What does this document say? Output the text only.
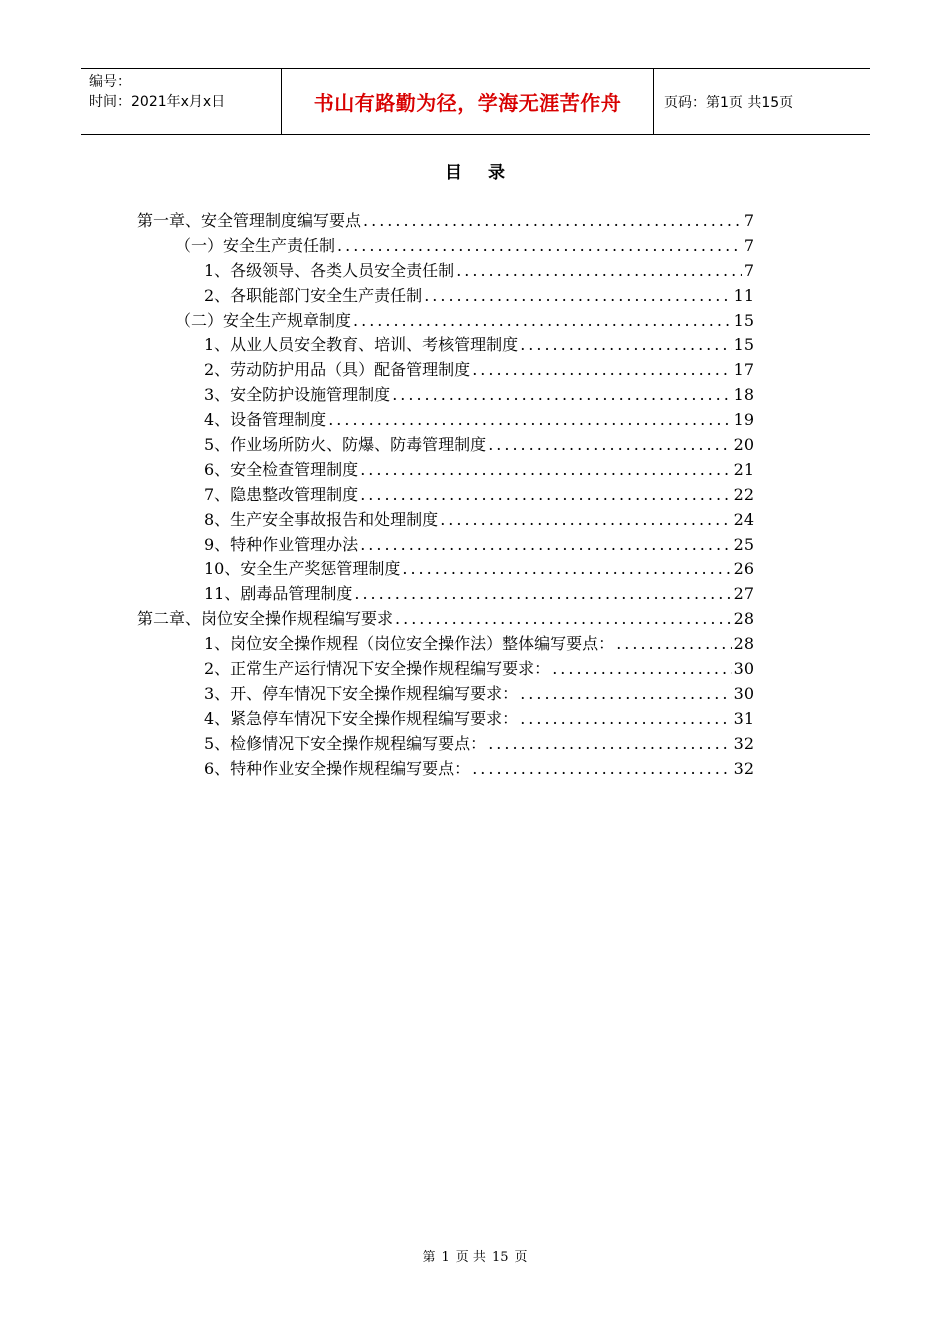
编号：
时间：2021年x月x日	书山有路勤为径，学海无涯苦作舟	页码：第1页 共15页
目录
第一章、安全管理制度编写要点 .....	7
（一）安全生产责任制 .....	7
1、各级领导、各类人员安全责任制 .....	7
2、各职能部门安全生产责任制 .....	11
（二）安全生产规章制度 .....	15
1、从业人员安全教育、培训、考核管理制度 .....	15
2、劳动防护用品（具）配备管理制度 .....	17
3、安全防护设施管理制度 .....	18
4、设备管理制度 .....	19
5、作业场所防火、防爆、防毒管理制度 .....	20
6、安全检查管理制度 .....	21
7、隐患整改管理制度 .....	22
8、生产安全事故报告和处理制度 .....	24
9、特种作业管理办法 .....	25
10、安全生产奖惩管理制度 .....	26
11、剧毒品管理制度 .....	27
第二章、岗位安全操作规程编写要求 .....	28
1、岗位安全操作规程（岗位安全操作法）整体编写要点： .....	28
2、正常生产运行情况下安全操作规程编写要求： .....	30
3、开、停车情况下安全操作规程编写要求： .....	30
4、紧急停车情况下安全操作规程编写要求： .....	31
5、检修情况下安全操作规程编写要点： .....	32
6、特种作业安全操作规程编写要点： .....	32
第 1 页 共 15 页
